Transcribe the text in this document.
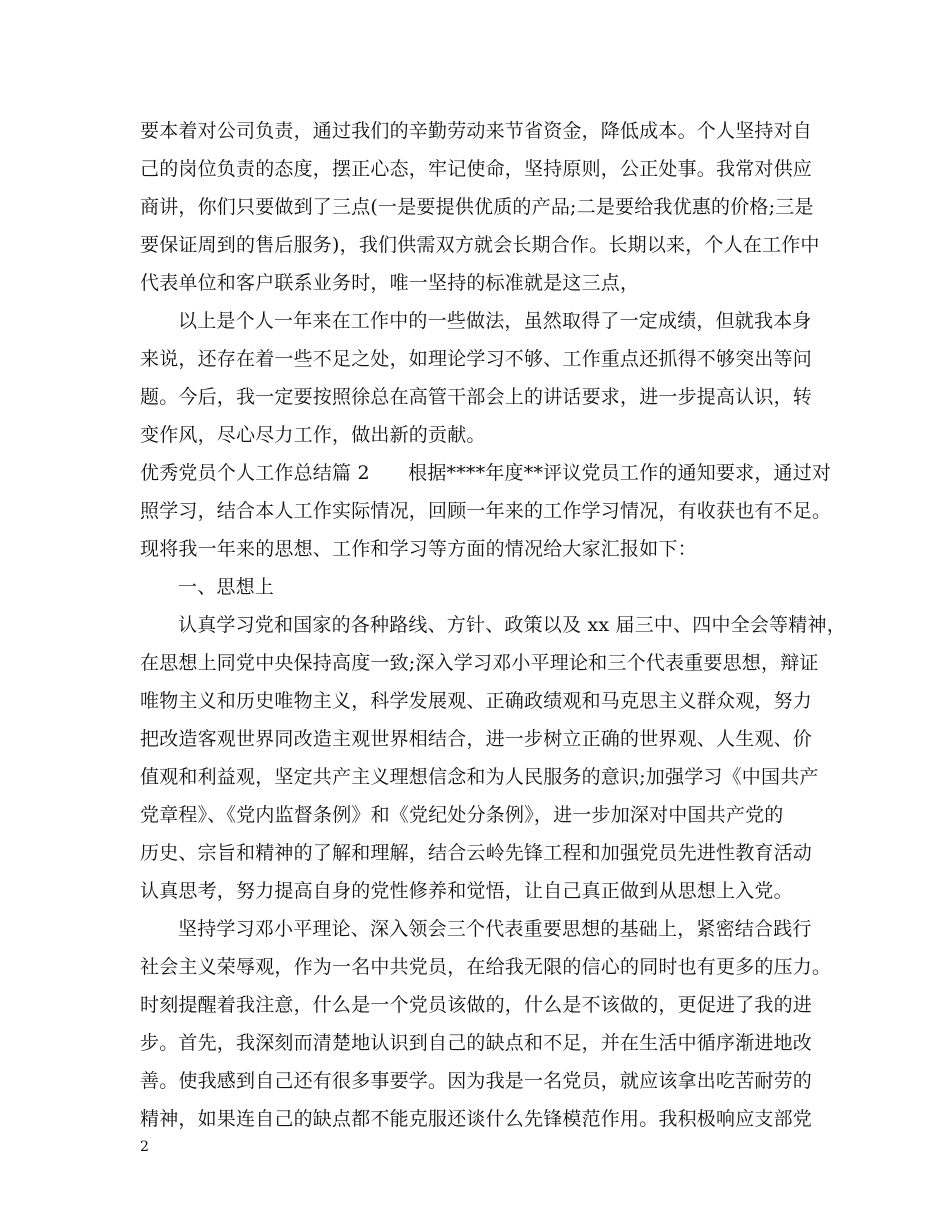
要本着对公司负责，通过我们的辛勤劳动来节省资金，降低成本。个人坚持对自
己的岗位负责的态度，摆正心态，牢记使命，坚持原则，公正处事。我常对供应
商讲，你们只要做到了三点(一是要提供优质的产品;二是要给我优惠的价格;三是
要保证周到的售后服务)，我们供需双方就会长期合作。长期以来，个人在工作中
代表单位和客户联系业务时，唯一坚持的标准就是这三点，
以上是个人一年来在工作中的一些做法，虽然取得了一定成绩，但就我本身
来说，还存在着一些不足之处，如理论学习不够、工作重点还抓得不够突出等问
题。今后，我一定要按照徐总在高管干部会上的讲话要求，进一步提高认识，转
变作风，尽心尽力工作，做出新的贡献。
优秀党员个人工作总结篇 2　　根据****年度**评议党员工作的通知要求，通过对
照学习，结合本人工作实际情况，回顾一年来的工作学习情况，有收获也有不足。
现将我一年来的思想、工作和学习等方面的情况给大家汇报如下：
一、思想上
认真学习党和国家的各种路线、方针、政策以及 xx 届三中、四中全会等精神，
在思想上同党中央保持高度一致;深入学习邓小平理论和三个代表重要思想，辩证
唯物主义和历史唯物主义，科学发展观、正确政绩观和马克思主义群众观，努力
把改造客观世界同改造主观世界相结合，进一步树立正确的世界观、人生观、价
值观和利益观，坚定共产主义理想信念和为人民服务的意识;加强学习《中国共产
党章程》、《党内监督条例》和《党纪处分条例》，进一步加深对中国共产党的
历史、宗旨和精神的了解和理解，结合云岭先锋工程和加强党员先进性教育活动
认真思考，努力提高自身的党性修养和觉悟，让自己真正做到从思想上入党。
坚持学习邓小平理论、深入领会三个代表重要思想的基础上，紧密结合践行
社会主义荣辱观，作为一名中共党员，在给我无限的信心的同时也有更多的压力。
时刻提醒着我注意，什么是一个党员该做的，什么是不该做的，更促进了我的进
步。首先，我深刻而清楚地认识到自己的缺点和不足，并在生活中循序渐进地改
善。使我感到自己还有很多事要学。因为我是一名党员，就应该拿出吃苦耐劳的
精神，如果连自己的缺点都不能克服还谈什么先锋模范作用。我积极响应支部党
2
